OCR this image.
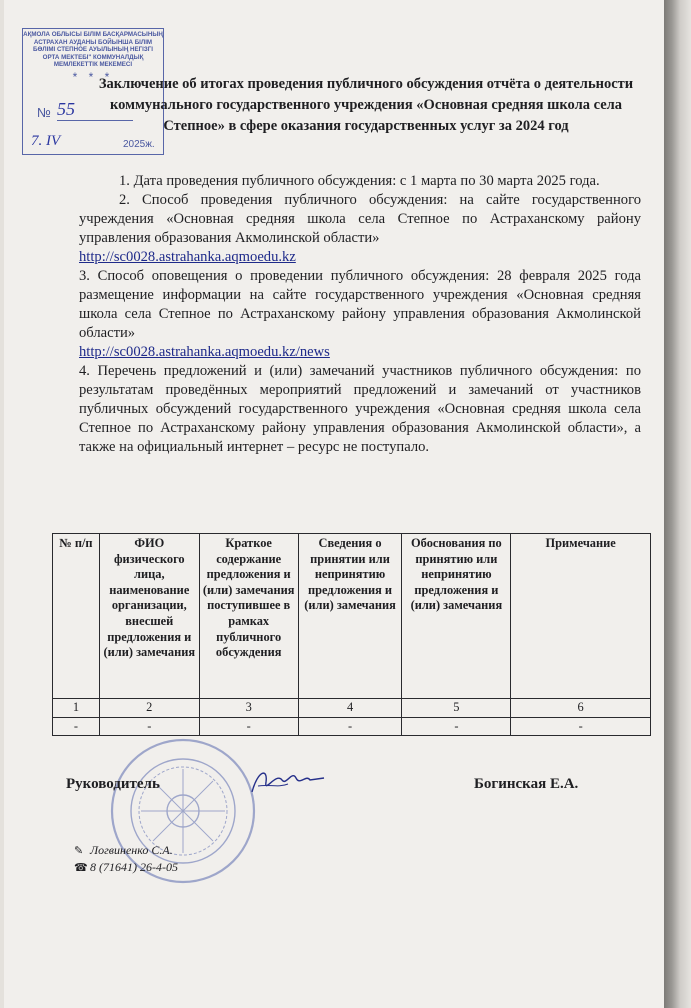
АҚМОЛА ОБЛЫСЫ БІЛІМ БАСҚАРМАСЫНЫҢ
АСТРАХАН АУДАНЫ БОЙЫНША БІЛІМ
БӨЛІМІ СТЕПНОЕ АУЫЛЫНЫҢ НЕГІЗГІ
ОРТА МЕКТЕБІ" КОММУНАЛДЫҚ
МЕМЛЕКЕТТІК МЕКЕМЕСІ
* * *
№ 55
7. IV	2025ж.
Заключение об итогах проведения публичного обсуждения отчёта о деятельности коммунального государственного учреждения «Основная средняя школа села Степное» в сфере оказания государственных услуг за 2024 год

1. Дата проведения публичного обсуждения: с 1 марта по 30 марта 2025 года.

2. Способ проведения публичного обсуждения: на сайте государственного учреждения «Основная средняя школа села Степное по Астраханскому району управления образования Акмолинской области»

http://sc0028.astrahanka.aqmoedu.kz

3. Способ оповещения о проведении публичного обсуждения: 28 февраля 2025 года размещение информации на сайте государственного учреждения «Основная средняя школа села Степное по Астраханскому району управления образования Акмолинской области»

http://sc0028.astrahanka.aqmoedu.kz/news

4. Перечень предложений и (или) замечаний участников публичного обсуждения: по результатам проведённых мероприятий предложений и замечаний от участников публичных обсуждений государственного учреждения «Основная средняя школа села Степное по Астраханскому району управления образования Акмолинской области», а также на официальный интернет – ресурс не поступало.

№ п/п	ФИО физического лица, наименование организации, внесшей предложения и (или) замечания	Краткое содержание предложения и (или) замечания поступившее в рамках публичного обсуждения	Сведения о принятии или непринятию предложения и (или) замечания	Обоснования по принятию или непринятию предложения и (или) замечания	Примечание
1	2	3	4	5	6
-	-	-	-	-	-
Руководитель	Богинская Е.А.
✎ Логвиненко С.А.
☎ 8 (71641) 26-4-05
